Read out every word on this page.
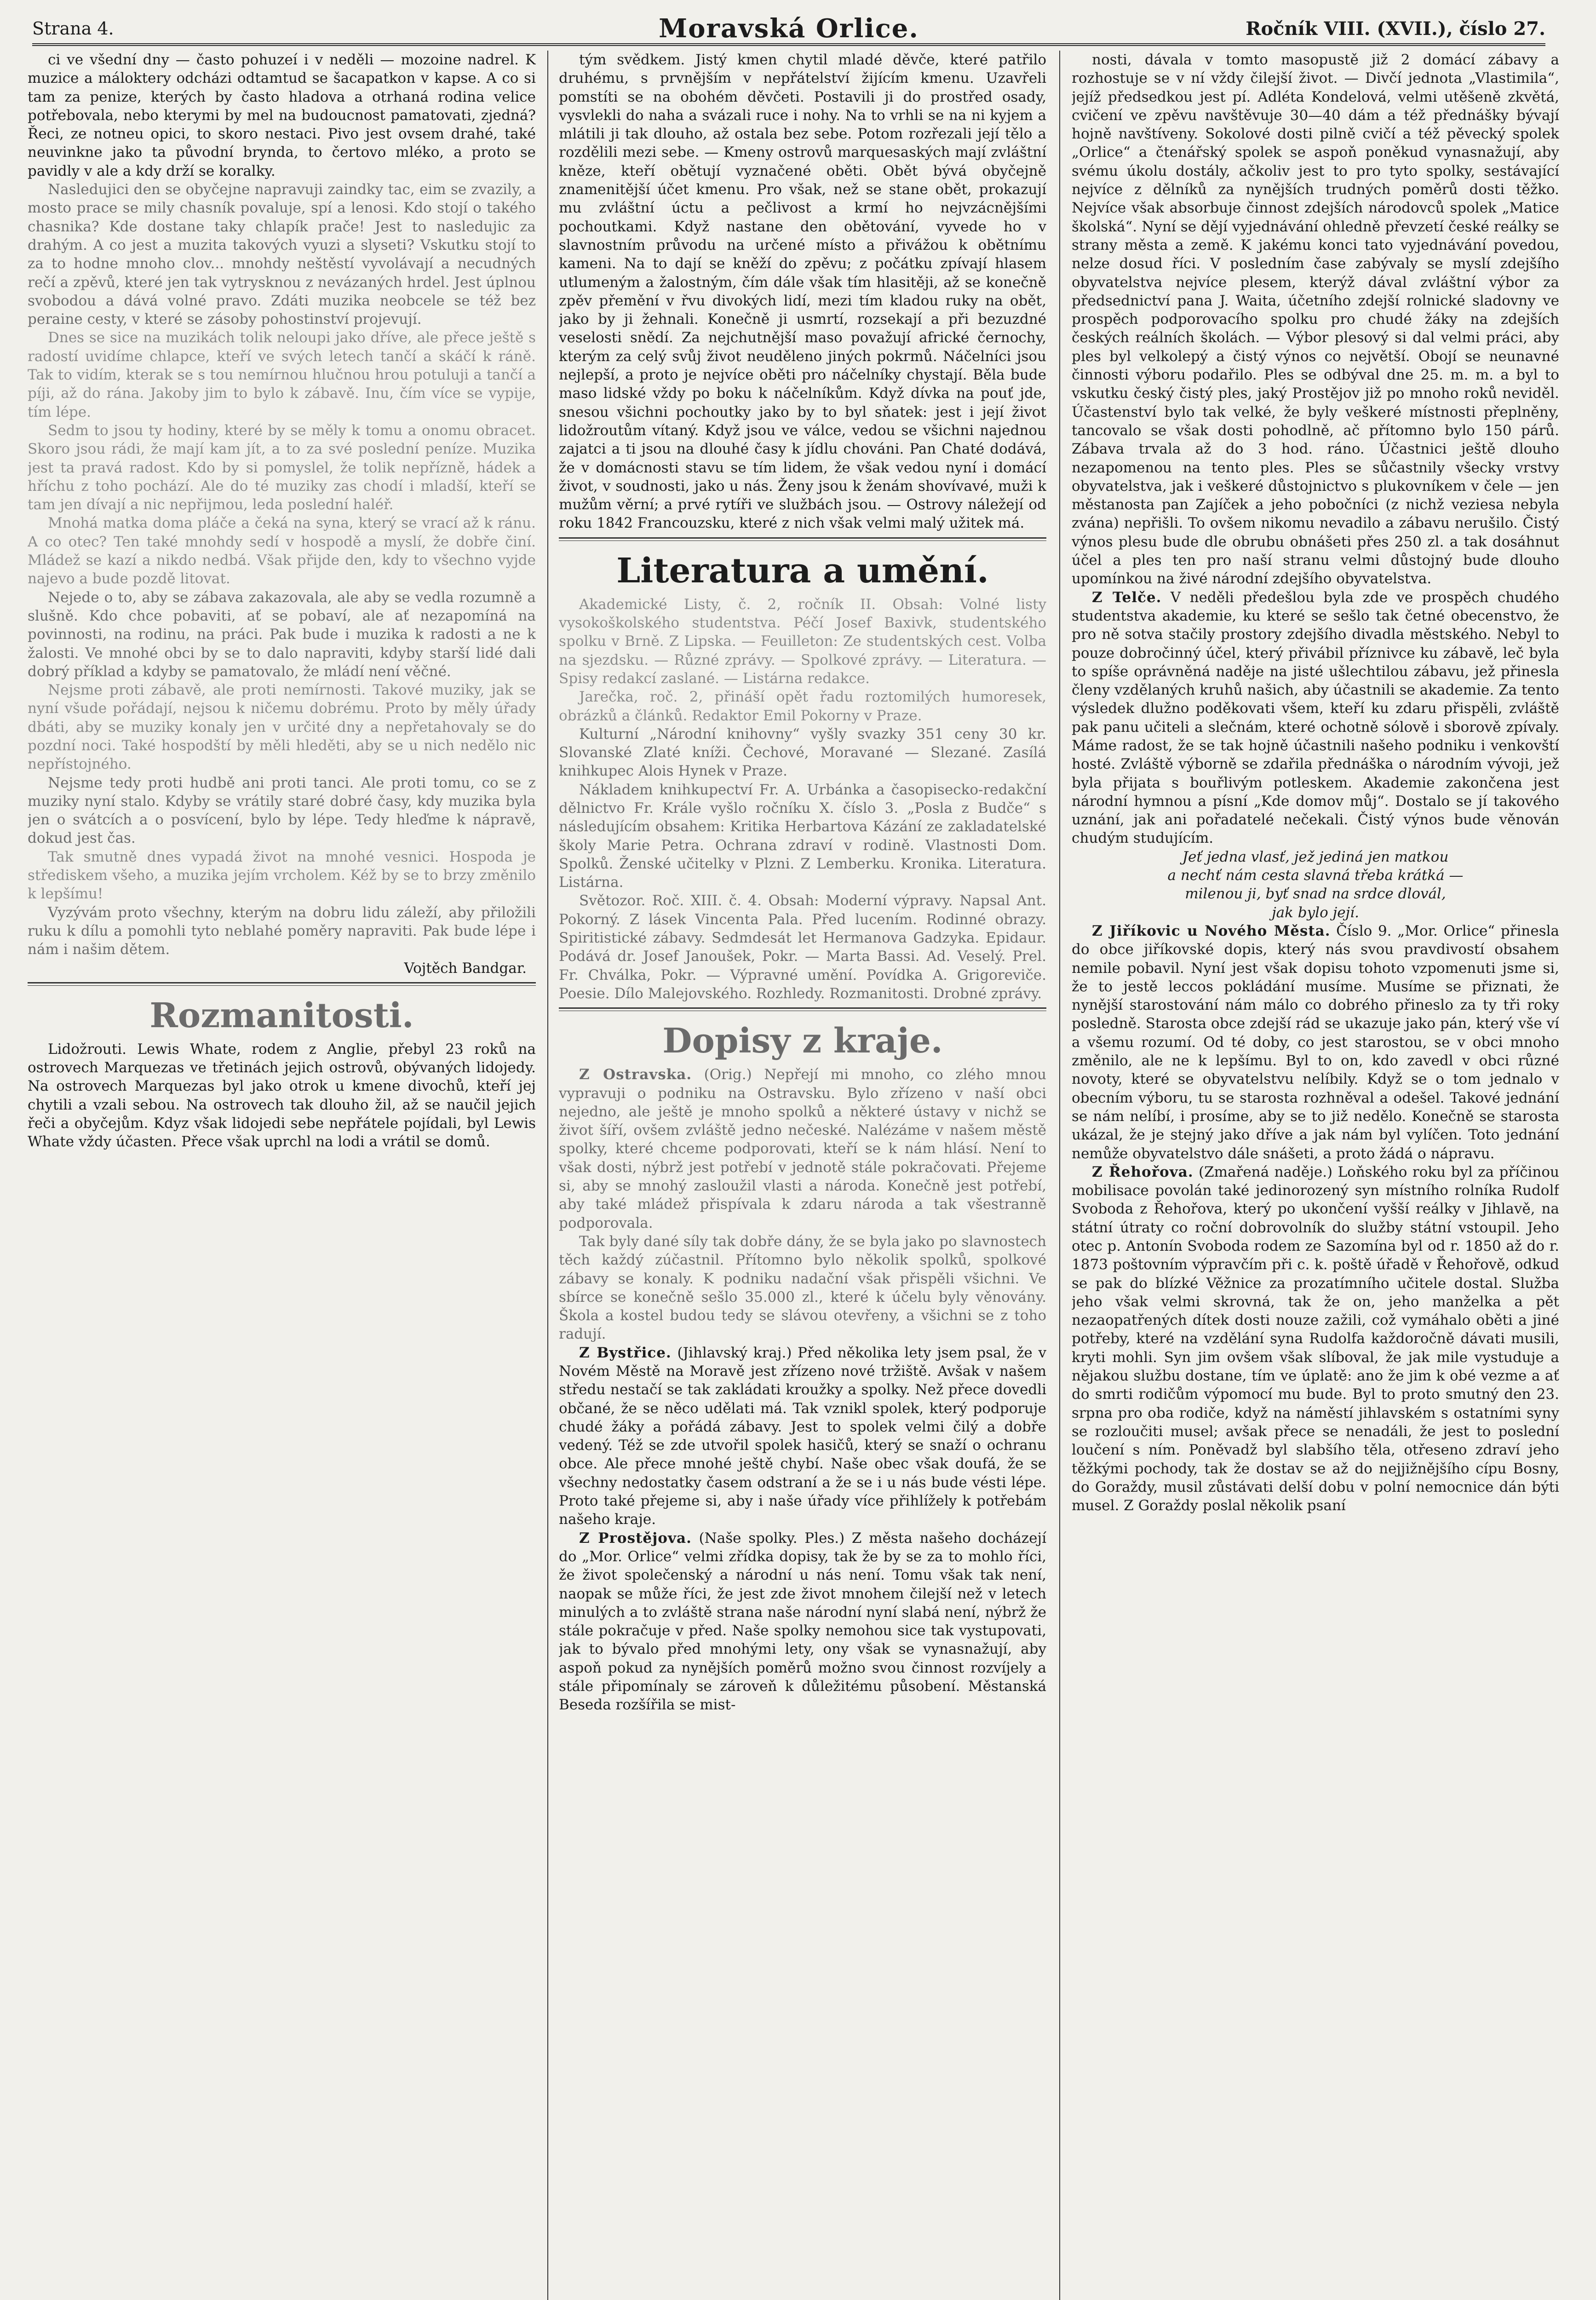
Strana 4.	Moravská Orlice.	Ročník VIII. (XVII.), číslo 27.

ci ve všední dny — často pohuzeí i v neděli — mozoine nadrel. K muzice a máloktery odcházi odtamtud se šacapatkon v kapse. A co si tam za penize, kterých by často hladova a otrhaná rodina velice potřebovala, nebo kterymi by mel na budoucnost pamatovati, zjedná? Řeci, ze notneu opici, to skoro nestaci. Pivo jest ovsem drahé, také neuvinkne jako ta původní brynda, to čertovo mléko, a proto se pavidly v ale a kdy drží se koralky.

Nasledujici den se obyčejne napravuji zaindky tac, eim se zvazily, a mosto prace se mily chasník povaluje, spí a lenosi. Kdo stojí o takého chasnika? Kde dostane taky chlapík prače! Jest to nasledujic za drahým. A co jest a muzita takových vyuzi a slyseti? Vskutku stojí to za to hodne mnoho clov... mnohdy neštěstí vyvolávají a necudných rečí a zpěvů, které jen tak vytrysknou z nevázaných hrdel. Jest úplnou svobodou a dává volné pravo. Zdáti muzika neobcele se též bez peraine cesty, v které se zásoby pohostinství projevují.

Dnes se sice na muzikách tolik neloupi jako dříve, ale přece ještě s radostí uvidíme chlapce, kteří ve svých letech tančí a skáčí k ráně. Tak to vidím, kterak se s tou nemírnou hlučnou hrou potuluji a tančí a píji, až do rána. Jakoby jim to bylo k zábavě. Inu, čím více se vypije, tím lépe.

Sedm to jsou ty hodiny, které by se měly k tomu a onomu obracet. Skoro jsou rádi, že mají kam jít, a to za své poslední peníze. Muzika jest ta pravá radost. Kdo by si pomyslel, že tolik nepřízně, hádek a hříchu z toho pochází. Ale do té muziky zas chodí i mladší, kteří se tam jen dívají a nic nepřijmou, leda poslední haléř.

Mnohá matka doma pláče a čeká na syna, který se vrací až k ránu. A co otec? Ten také mnohdy sedí v hospodě a myslí, že dobře činí. Mládež se kazí a nikdo nedbá. Však přijde den, kdy to všechno vyjde najevo a bude pozdě litovat.

Nejede o to, aby se zábava zakazovala, ale aby se vedla rozumně a slušně. Kdo chce pobaviti, ať se pobaví, ale ať nezapomíná na povinnosti, na rodinu, na práci. Pak bude i muzika k radosti a ne k žalosti. Ve mnohé obci by se to dalo napraviti, kdyby starší lidé dali dobrý příklad a kdyby se pamatovalo, že mládí není věčné.

Nejsme proti zábavě, ale proti nemírnosti. Takové muziky, jak se nyní všude pořádají, nejsou k ničemu dobrému. Proto by měly úřady dbáti, aby se muziky konaly jen v určité dny a nepřetahovaly se do pozdní noci. Také hospodští by měli hleděti, aby se u nich nedělo nic nepřístojného.

Nejsme tedy proti hudbě ani proti tanci. Ale proti tomu, co se z muziky nyní stalo. Kdyby se vrátily staré dobré časy, kdy muzika byla jen o svátcích a o posvícení, bylo by lépe. Tedy hleďme k nápravě, dokud jest čas.

Tak smutně dnes vypadá život na mnohé vesnici. Hospoda je střediskem všeho, a muzika jejím vrcholem. Kéž by se to brzy změnilo k lepšímu!

Vyzývám proto všechny, kterým na dobru lidu záleží, aby přiložili ruku k dílu a pomohli tyto neblahé poměry napraviti. Pak bude lépe i nám i našim dětem.

Vojtěch Bandgar.

Rozmanitosti.

Lidožrouti. Lewis Whate, rodem z Anglie, přebyl 23 roků na ostrovech Marquezas ve třetinách jejich ostrovů, obývaných lidojedy. Na ostrovech Marquezas byl jako otrok u kmene divochů, kteří jej chytili a vzali sebou. Na ostrovech tak dlouho žil, až se naučil jejich řeči a obyčejům. Kdyz však lidojedi sebe nepřátele pojídali, byl Lewis Whate vždy účasten. Přece však uprchl na lodi a vrátil se domů.

tým svědkem. Jistý kmen chytil mladé děvče, které patřilo druhému, s prvnějším v nepřátelství žijícím kmenu. Uzavřeli pomstíti se na obohém děvčeti. Postavili ji do prostřed osady, vysvlekli do naha a svázali ruce i nohy. Na to vrhli se na ni kyjem a mlátili ji tak dlouho, až ostala bez sebe. Potom rozřezali její tělo a rozdělili mezi sebe. — Kmeny ostrovů marquesaských mají zvláštní kněze, kteří obětují vyznačené oběti. Obět bývá obyčejně znamenitější účet kmenu. Pro však, než se stane obět, prokazují mu zvláštní úctu a pečlivost a krmí ho nejvzácnějšími pochoutkami. Když nastane den obětování, vyvede ho v slavnostním průvodu na určené místo a přivážou k obětnímu kameni. Na to dají se kněží do zpěvu; z počátku zpívají hlasem utlumeným a žalostným, čím dále však tím hlasitěji, až se konečně zpěv přemění v řvu divokých lidí, mezi tím kladou ruky na obět, jako by ji žehnali. Konečně ji usmrtí, rozsekají a při bezuzdné veselosti snědí. Za nejchutnější maso považují africké černochy, kterým za celý svůj život neuděleno jiných pokrmů. Náčelníci jsou nejlepší, a proto je nejvíce oběti pro náčelníky chystají. Běla bude maso lidské vždy po boku k náčelníkům. Když dívka na pouť jde, snesou všichni pochoutky jako by to byl sňatek: jest i její život lidožroutům vítaný. Když jsou ve válce, vedou se všichni najednou zajatci a ti jsou na dlouhé časy k jídlu chováni. Pan Chaté dodává, že v domácnosti stavu se tím lidem, že však vedou nyní i domácí život, v soudnosti, jako u nás. Ženy jsou k ženám shovívavé, muži k mužům věrní; a prvé rytíři ve službách jsou. — Ostrovy náležejí od roku 1842 Francouzsku, které z nich však velmi malý užitek má.

Literatura a umění.

Akademické Listy, č. 2, ročník II. Obsah: Volné listy vysokoškolského studentstva. Péčí Josef Baxivk, studentského spolku v Brně. Z Lipska. — Feuilleton: Ze studentských cest. Volba na sjezdsku. — Různé zprávy. — Spolkové zprávy. — Literatura. — Spisy redakcí zaslané. — Listárna redakce.

Jarečka, roč. 2, přináší opět řadu roztomilých humoresek, obrázků a článků. Redaktor Emil Pokorny v Praze.

Kulturní „Národní knihovny“ vyšly svazky 351 ceny 30 kr. Slovanské Zlaté kníži. Čechové, Moravané — Slezané. Zasílá knihkupec Alois Hynek v Praze.

Nákladem knihkupectví Fr. A. Urbánka a časopisecko-redakční dělnictvo Fr. Krále vyšlo ročníku X. číslo 3. „Posla z Budče“ s následujícím obsahem: Kritika Herbartova Kázání ze zakladatelské školy Marie Petra. Ochrana zdraví v rodině. Vlastnosti Dom. Spolků. Ženské učitelky v Plzni. Z Lemberku. Kronika. Literatura. Listárna.

Světozor. Roč. XIII. č. 4. Obsah: Moderní výpravy. Napsal Ant. Pokorný. Z lásek Vincenta Pala. Před lucením. Rodinné obrazy. Spiritistické zábavy. Sedmdesát let Hermanova Gadzyka. Epidaur. Podává dr. Josef Janoušek, Pokr. — Marta Bassi. Ad. Veselý. Prel. Fr. Chválka, Pokr. — Výpravné umění. Povídka A. Grigoreviče. Poesie. Dílo Malejovského. Rozhledy. Rozmanitosti. Drobné zprávy.

Dopisy z kraje.

Z Ostravska. (Orig.) Nepřejí mi mnoho, co zlého mnou vypravuji o podniku na Ostravsku. Bylo zřízeno v naší obci nejedno, ale ještě je mnoho spolků a některé ústavy v nichž se život šíří, ovšem zvláště jedno nečeské. Nalézáme v našem městě spolky, které chceme podporovati, kteří se k nám hlásí. Není to však dosti, nýbrž jest potřebí v jednotě stále pokračovati. Přejeme si, aby se mnohý zasloužil vlasti a národa. Konečně jest potřebí, aby také mládež přispívala k zdaru národa a tak všestranně podporovala.

Tak byly dané síly tak dobře dány, že se byla jako po slavnostech těch každý zúčastnil. Přítomno bylo několik spolků, spolkové zábavy se konaly. K podniku nadační však přispěli všichni. Ve sbírce se konečně sešlo 35.000 zl., které k účelu byly věnovány. Škola a kostel budou tedy se slávou otevřeny, a všichni se z toho radují.

Z Bystřice. (Jihlavský kraj.) Před několika lety jsem psal, že v Novém Městě na Moravě jest zřízeno nové tržiště. Avšak v našem středu nestačí se tak zakládati kroužky a spolky. Než přece dovedli občané, že se něco udělati má. Tak vznikl spolek, který podporuje chudé žáky a pořádá zábavy. Jest to spolek velmi čilý a dobře vedený. Též se zde utvořil spolek hasičů, který se snaží o ochranu obce. Ale přece mnohé ještě chybí. Naše obec však doufá, že se všechny nedostatky časem odstraní a že se i u nás bude vésti lépe. Proto také přejeme si, aby i naše úřady více přihlížely k potřebám našeho kraje.

Z Prostějova. (Naše spolky. Ples.) Z města našeho docházejí do „Mor. Orlice“ velmi zřídka dopisy, tak že by se za to mohlo říci, že život společenský a národní u nás není. Tomu však tak není, naopak se může říci, že jest zde život mnohem čilejší než v letech minulých a to zvláště strana naše národní nyní slabá není, nýbrž že stále pokračuje v před. Naše spolky nemohou sice tak vystupovati, jak to bývalo před mnohými lety, ony však se vynasnažují, aby aspoň pokud za nynějších poměrů možno svou činnost rozvíjely a stále připomínaly se zároveň k důležitému působení. Městanská Beseda rozšířila se mist-

nosti, dávala v tomto masopustě již 2 domácí zábavy a rozhostuje se v ní vždy čilejší život. — Divčí jednota „Vlastimila“, jejíž předsedkou jest pí. Adléta Kondelová, velmi utěšeně zkvětá, cvičení ve zpěvu navštěvuje 30—40 dám a též přednášky bývají hojně navštíveny. Sokolové dosti pilně cvičí a též pěvecký spolek „Orlice“ a čtenářský spolek se aspoň poněkud vynasnažují, aby svému úkolu dostály, ačkoliv jest to pro tyto spolky, sestávající nejvíce z dělníků za nynějších trudných poměrů dosti těžko. Nejvíce však absorbuje činnost zdejších národovců spolek „Matice školská“. Nyní se dějí vyjednávání ohledně převzetí české reálky se strany města a země. K jakému konci tato vyjednávání povedou, nelze dosud říci. V posledním čase zabývaly se myslí zdejšího obyvatelstva nejvíce plesem, kterýž dával zvláštní výbor za předsednictví pana J. Waita, účetního zdejší rolnické sladovny ve prospěch podporovacího spolku pro chudé žáky na zdejších českých reálních školách. — Výbor plesový si dal velmi práci, aby ples byl velkolepý a čistý výnos co největší. Obojí se neunavné činnosti výboru podařilo. Ples se odbýval dne 25. m. m. a byl to vskutku český čistý ples, jaký Prostějov již po mnoho roků neviděl. Účastenství bylo tak velké, že byly veškeré místnosti přeplněny, tancovalo se však dosti pohodlně, ač přítomno bylo 150 párů. Zábava trvala až do 3 hod. ráno. Účastnici ještě dlouho nezapomenou na tento ples. Ples se sůčastnily všecky vrstvy obyvatelstva, jak i veškeré důstojnictvo s plukovníkem v čele — jen městanosta pan Zajíček a jeho pobočníci (z nichž veziesa nebyla zvána) nepřišli. To ovšem nikomu nevadilo a zábavu nerušilo. Čistý výnos plesu bude dle obrubu obnášeti přes 250 zl. a tak dosáhnut účel a ples ten pro naší stranu velmi důstojný bude dlouho upomínkou na živé národní zdejšího obyvatelstva.

Z Telče. V neděli předešlou byla zde ve prospěch chudého studentstva akademie, ku které se sešlo tak četné obecenstvo, že pro ně sotva stačily prostory zdejšího divadla městského. Nebyl to pouze dobročinný účel, který přivábil příznivce ku zábavě, leč byla to spíše oprávněná naděje na jisté ušlechtilou zábavu, jež přinesla členy vzdělaných kruhů našich, aby účastnili se akademie. Za tento výsledek dlužno poděkovati všem, kteří ku zdaru přispěli, zvláště pak panu učiteli a slečnám, které ochotně sólově i sborově zpívaly. Máme radost, že se tak hojně účastnili našeho podniku i venkovští hosté. Zvláště výborně se zdařila přednáška o národním vývoji, jež byla přijata s bouřlivým potleskem. Akademie zakončena jest národní hymnou a písní „Kde domov můj“. Dostalo se jí takového uznání, jak ani pořadatelé nečekali. Čistý výnos bude věnován chudým studujícím.

Jeť jedna vlasť, jež jediná jen matkou

a nechť nám cesta slavná třeba krátká —

milenou ji, byť snad na srdce dlovál,

jak bylo její.

Z Jiříkovic u Nového Města. Číslo 9. „Mor. Orlice“ přinesla do obce jiříkovské dopis, který nás svou pravdivostí obsahem nemile pobavil. Nyní jest však dopisu tohoto vzpomenuti jsme si, že to jestě leccos pokládání musíme. Musíme se přiznati, že nynější starostování nám málo co dobrého přineslo za ty tři roky posledně. Starosta obce zdejší rád se ukazuje jako pán, který vše ví a všemu rozumí. Od té doby, co jest starostou, se v obci mnoho změnilo, ale ne k lepšímu. Byl to on, kdo zavedl v obci různé novoty, které se obyvatelstvu nelíbily. Když se o tom jednalo v obecním výboru, tu se starosta rozhněval a odešel. Takové jednání se nám nelíbí, i prosíme, aby se to již nedělo. Konečně se starosta ukázal, že je stejný jako dříve a jak nám byl vylíčen. Toto jednání nemůže obyvatelstvo dále snášeti, a proto žádá o nápravu.

Z Řehořova. (Zmařená naděje.) Loňského roku byl za příčinou mobilisace povolán také jedinorozený syn místního rolníka Rudolf Svoboda z Řehořova, který po ukončení vyšší reálky v Jihlavě, na státní útraty co roční dobrovolník do služby státní vstoupil. Jeho otec p. Antonín Svoboda rodem ze Sazomína byl od r. 1850 až do r. 1873 poštovním výpravčím při c. k. poště úřadě v Řehořově, odkud se pak do blízké Věžnice za prozatímního učitele dostal. Služba jeho však velmi skrovná, tak že on, jeho manželka a pět nezaopatřených dítek dosti nouze zažili, což vymáhalo oběti a jiné potřeby, které na vzdělání syna Rudolfa každoročně dávati musili, kryti mohli. Syn jim ovšem však slíboval, že jak mile vystuduje a nějakou službu dostane, tím ve úplatě: ano že jim k obé vezme a ať do smrti rodičům výpomocí mu bude. Byl to proto smutný den 23. srpna pro oba rodiče, když na náměstí jihlavském s ostatními syny se rozloučiti musel; avšak přece se nenadáli, že jest to poslední loučení s ním. Poněvadž byl slabšího těla, otřeseno zdraví jeho těžkými pochody, tak že dostav se až do nejjižnějšího cípu Bosny, do Goraždy, musil zůstávati delší dobu v polní nemocnice dán býti musel. Z Goraždy poslal několik psaní
